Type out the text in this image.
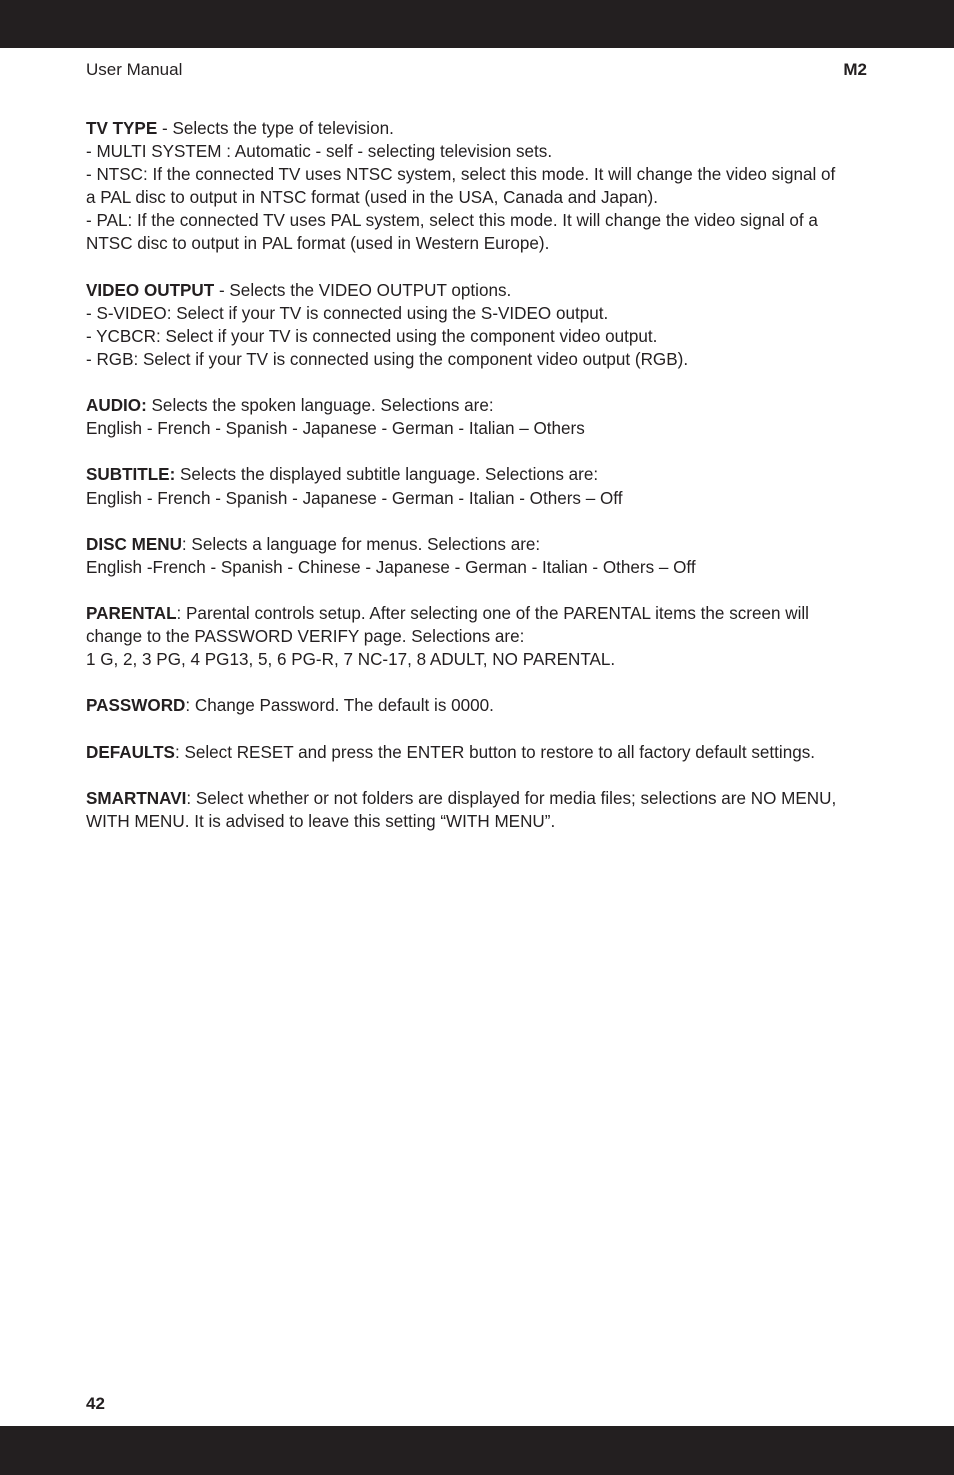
User Manual	M2
TV TYPE - Selects the type of television.
- MULTI SYSTEM : Automatic - self - selecting television sets.
- NTSC: If the connected TV uses NTSC system, select this mode. It will change the video signal of
a PAL disc to output in NTSC format (used in the USA, Canada and Japan).
- PAL: If the connected TV uses PAL system, select this mode. It will change the video signal of a
NTSC disc to output in PAL format (used in Western Europe).
VIDEO OUTPUT - Selects the VIDEO OUTPUT options.
- S-VIDEO: Select if your TV is connected using the S-VIDEO output.
- YCBCR: Select if your TV is connected using the component video output.
- RGB: Select if your TV is connected using the component video output (RGB).
AUDIO: Selects the spoken language. Selections are:
English - French - Spanish - Japanese - German - Italian – Others
SUBTITLE: Selects the displayed subtitle language. Selections are:
English - French - Spanish - Japanese - German - Italian - Others – Off
DISC MENU: Selects a language for menus. Selections are:
English -French - Spanish - Chinese - Japanese - German - Italian - Others – Off
PARENTAL: Parental controls setup. After selecting one of the PARENTAL items the screen will
change to the PASSWORD VERIFY page. Selections are:
1 G, 2, 3 PG, 4 PG13, 5, 6 PG-R, 7 NC-17, 8 ADULT, NO PARENTAL.
PASSWORD: Change Password. The default is 0000.
DEFAULTS: Select RESET and press the ENTER button to restore to all factory default settings.
SMARTNAVI: Select whether or not folders are displayed for media files; selections are NO MENU,
WITH MENU. It is advised to leave this setting “WITH MENU”.
42
